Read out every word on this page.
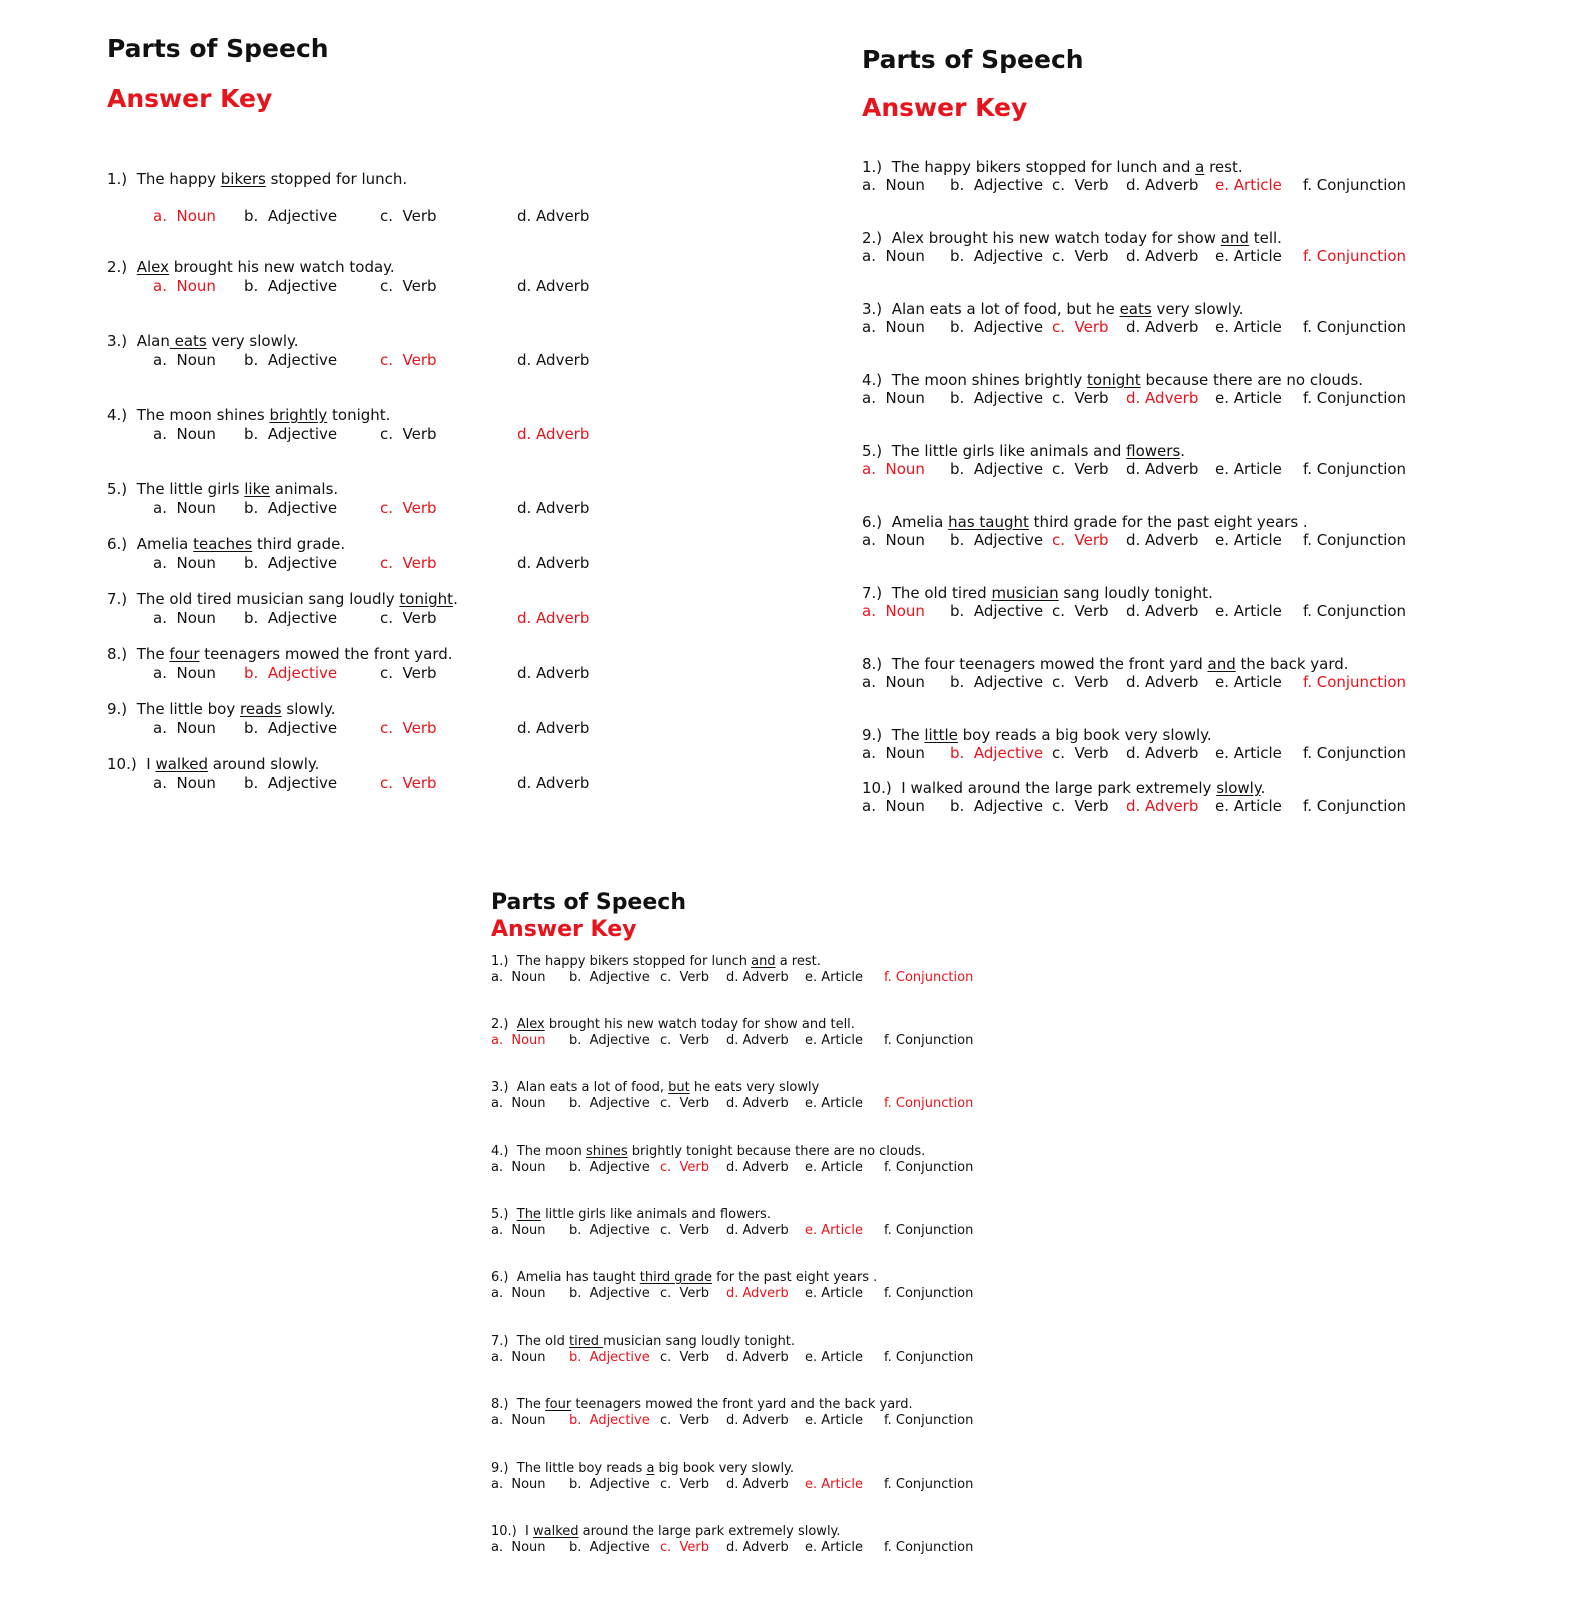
Parts of Speech
Answer Key
1.) The happy bikers stopped for lunch.
a.  Noun b.  Adjective	c.  Verb	d. Adverb
2.) Alex brought his new watch today.
a.  Noun b.  Adjective	c.  Verb	d. Adverb
3.) Alan eats very slowly.
a.  Noun b.  Adjective	c.  Verb	d. Adverb
4.) The moon shines brightly tonight.
a.  Noun b.  Adjective	c.  Verb	d. Adverb
5.) The little girls like animals.
a.  Noun b.  Adjective	c.  Verb	d. Adverb
6.) Amelia teaches third grade.
a.  Noun b.  Adjective	c.  Verb	d. Adverb
7.) The old tired musician sang loudly tonight.
a.  Noun b.  Adjective	c.  Verb	d. Adverb
8.) The four teenagers mowed the front yard.
a.  Noun b.  Adjective	c.  Verb	d. Adverb
9.) The little boy reads slowly.
a.  Noun b.  Adjective	c.  Verb	d. Adverb
10.) I walked around slowly.
a.  Noun b.  Adjective	c.  Verb	d. Adverb
Parts of Speech
Answer Key
1.) The happy bikers stopped for lunch and a rest.
a.  Noun b.  Adjective c.  Verb d. Adverb e. Article f. Conjunction
2.) Alex brought his new watch today for show and tell.
a.  Noun b.  Adjective c.  Verb d. Adverb e. Article f. Conjunction
3.) Alan eats a lot of food, but he eats very slowly.
a.  Noun b.  Adjective c.  Verb d. Adverb e. Article f. Conjunction
4.) The moon shines brightly tonight because there are no clouds.
a.  Noun b.  Adjective c.  Verb d. Adverb e. Article f. Conjunction
5.) The little girls like animals and flowers.
a.  Noun b.  Adjective c.  Verb d. Adverb e. Article f. Conjunction
6.) Amelia has taught third grade for the past eight years .
a.  Noun b.  Adjective c.  Verb d. Adverb e. Article f. Conjunction
7.) The old tired musician sang loudly tonight.
a.  Noun b.  Adjective c.  Verb d. Adverb e. Article f. Conjunction
8.) The four teenagers mowed the front yard and the back yard.
a.  Noun b.  Adjective c.  Verb d. Adverb e. Article f. Conjunction
9.) The little boy reads a big book very slowly.
a.  Noun b.  Adjective c.  Verb d. Adverb e. Article f. Conjunction
10.) I walked around the large park extremely slowly.
a.  Noun b.  Adjective c.  Verb d. Adverb e. Article f. Conjunction
Parts of Speech
Answer Key
1.) The happy bikers stopped for lunch and a rest.
a.  Noun b.  Adjective c.  Verb d. Adverb e. Article f. Conjunction
2.) Alex brought his new watch today for show and tell.
a.  Noun b.  Adjective c.  Verb d. Adverb e. Article f. Conjunction
3.) Alan eats a lot of food, but he eats very slowly
a.  Noun b.  Adjective c.  Verb d. Adverb e. Article f. Conjunction
4.) The moon shines brightly tonight because there are no clouds.
a.  Noun b.  Adjective c.  Verb d. Adverb e. Article f. Conjunction
5.) The little girls like animals and flowers.
a.  Noun b.  Adjective c.  Verb d. Adverb e. Article f. Conjunction
6.) Amelia has taught third grade for the past eight years .
a.  Noun b.  Adjective c.  Verb d. Adverb e. Article f. Conjunction
7.) The old tired musician sang loudly tonight.
a.  Noun b.  Adjective c.  Verb d. Adverb e. Article f. Conjunction
8.) The four teenagers mowed the front yard and the back yard.
a.  Noun b.  Adjective c.  Verb d. Adverb e. Article f. Conjunction
9.) The little boy reads a big book very slowly.
a.  Noun b.  Adjective c.  Verb d. Adverb e. Article f. Conjunction
10.) I walked around the large park extremely slowly.
a.  Noun b.  Adjective c.  Verb d. Adverb e. Article f. Conjunction
